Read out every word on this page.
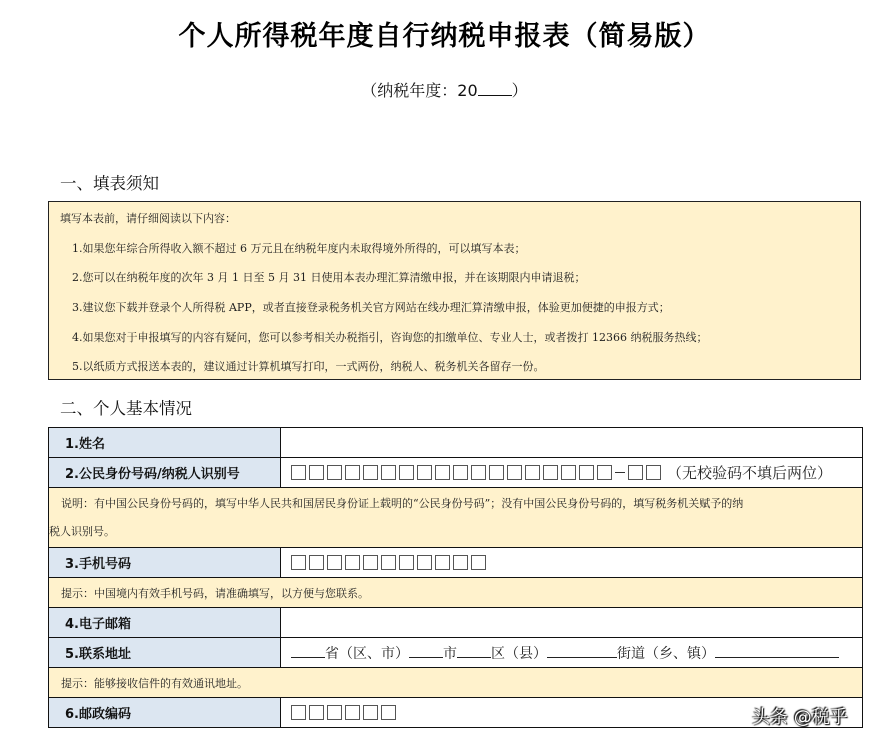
个人所得税年度自行纳税申报表（简易版）
（纳税年度：20 ）
一、填表须知
填写本表前，请仔细阅读以下内容：
1.如果您年综合所得收入额不超过 6 万元且在纳税年度内未取得境外所得的，可以填写本表；
2.您可以在纳税年度的次年 3 月 1 日至 5 月 31 日使用本表办理汇算清缴申报，并在该期限内申请退税；
3.建议您下载并登录个人所得税 APP，或者直接登录税务机关官方网站在线办理汇算清缴申报，体验更加便捷的申报方式；
4.如果您对于申报填写的内容有疑问，您可以参考相关办税指引，咨询您的扣缴单位、专业人士，或者拨打 12366 纳税服务热线；
5.以纸质方式报送本表的，建议通过计算机填写打印，一式两份，纳税人、税务机关各留存一份。
二、个人基本情况
1.姓名	
2.公民身份号码/纳税人识别号	（无校验码不填后两位）

说明：有中国公民身份号码的，填写中华人民共和国居民身份证上载明的“公民身份号码”；没有中国公民身份号码的，填写税务机关赋予的纳
税人识别号。	

3.手机号码	

提示：中国境内有效手机号码，请准确填写，以方便与您联系。	
4.电子邮箱	
5.联系地址	省（区、市） 市 区（县） 街道（乡、镇）
提示：能够接收信件的有效通讯地址。	
6.邮政编码		头条 @税乎
